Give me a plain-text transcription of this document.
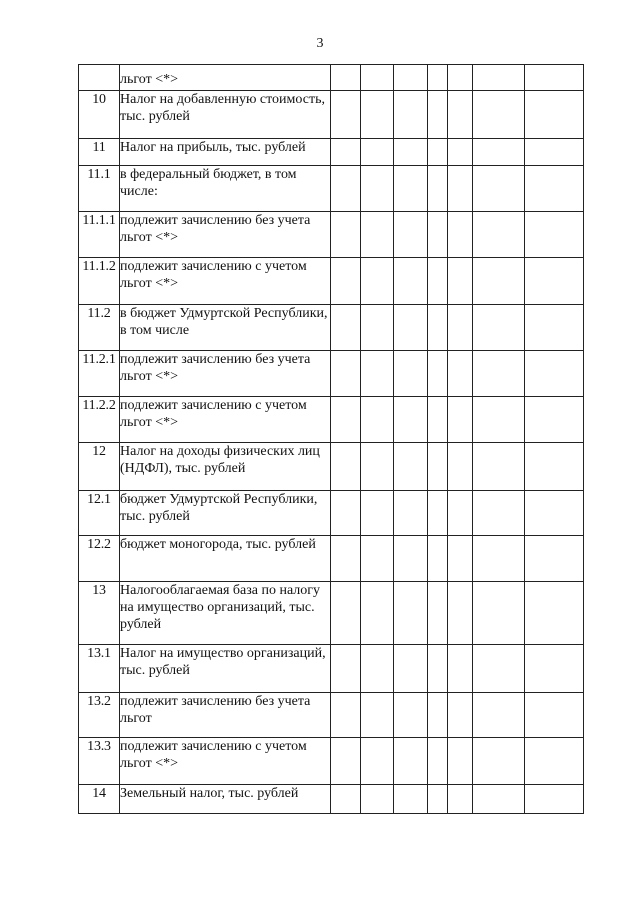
3
	льгот <*>							
10	Налог на добавленную стоимость, тыс. рублей							
11	Налог на прибыль, тыс. рублей							
11.1	в федеральный бюджет, в том числе:							
11.1.1	подлежит зачислению без учета льгот <*>							
11.1.2	подлежит зачислению с учетом льгот <*>							
11.2	в бюджет Удмуртской Республики, в том числе							
11.2.1	подлежит зачислению без учета льгот <*>							
11.2.2	подлежит зачислению с учетом льгот <*>							
12	Налог на доходы физических лиц (НДФЛ), тыс. рублей							
12.1	бюджет Удмуртской Республики, тыс. рублей							
12.2	бюджет моногорода, тыс. рублей							
13	Налогооблагаемая база по налогу на имущество организаций, тыс. рублей							
13.1	Налог на имущество организаций, тыс. рублей							
13.2	подлежит зачислению без учета льгот							
13.3	подлежит зачислению с учетом льгот <*>							
14	Земельный налог, тыс. рублей							
